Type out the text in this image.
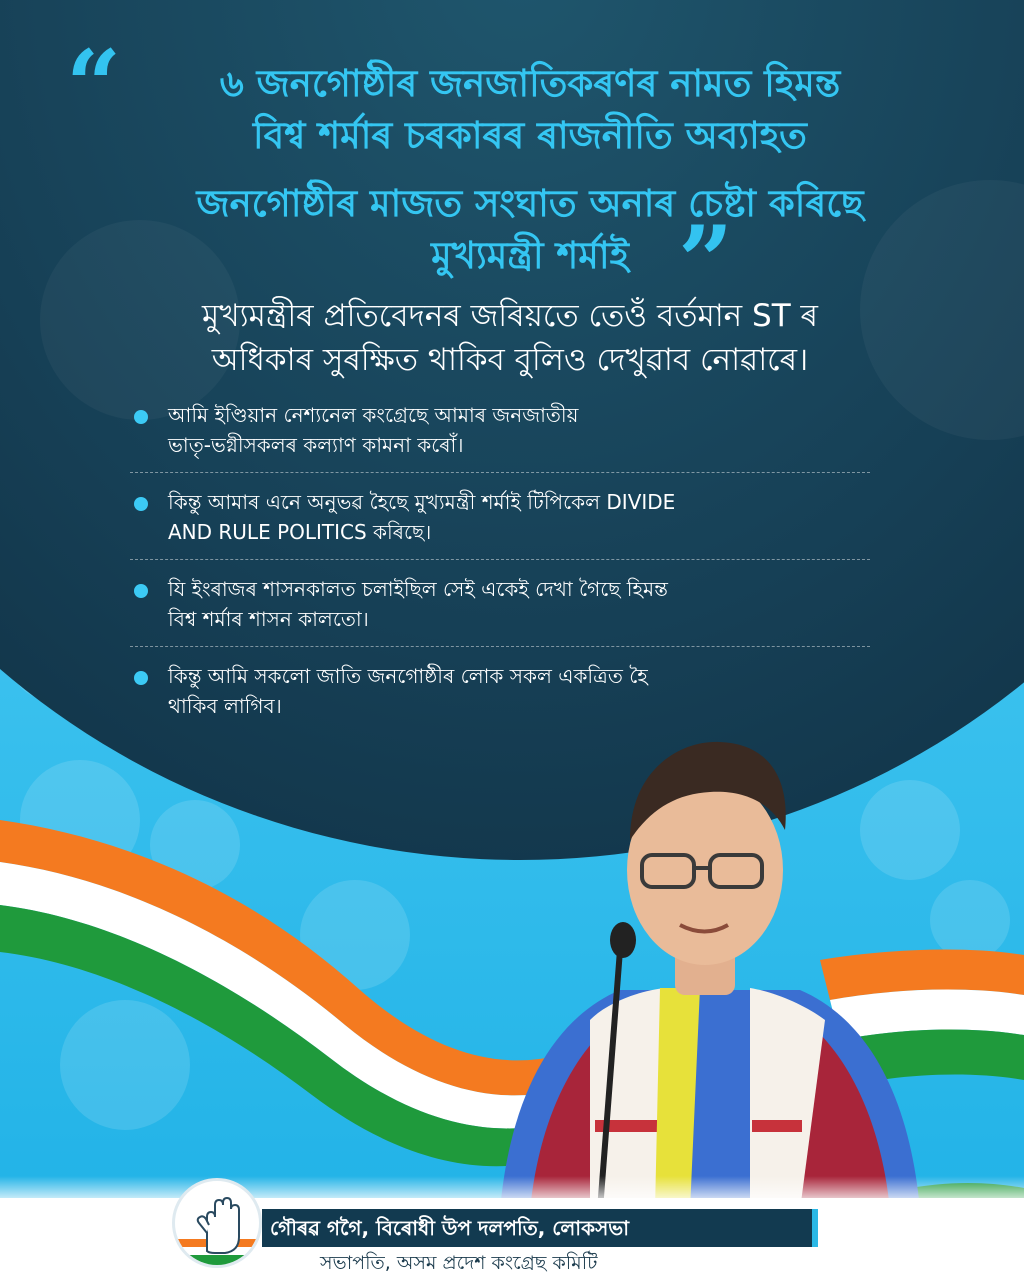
“
”
৬ জনগোষ্ঠীৰ জনজাতিকৰণৰ নামত হিমন্ত
বিশ্ব শৰ্মাৰ চৰকাৰৰ ৰাজনীতি অব্যাহত
জনগোষ্ঠীৰ মাজত সংঘাত অনাৰ চেষ্টা কৰিছে
মুখ্যমন্ত্ৰী শৰ্মাই
মুখ্যমন্ত্ৰীৰ প্ৰতিবেদনৰ জৰিয়তে তেওঁ বৰ্তমান ST ৰ
অধিকাৰ সুৰক্ষিত থাকিব বুলিও দেখুৱাব নোৱাৰে।
আমি ইণ্ডিয়ান নেশ্যনেল কংগ্ৰেছে আমাৰ জনজাতীয়
ভাতৃ-ভগ্নীসকলৰ কল্যাণ কামনা কৰোঁ।
কিন্তু আমাৰ এনে অনুভৱ হৈছে মুখ্যমন্ত্ৰী শৰ্মাই টিপিকেল DIVIDE
AND RULE POLITICS কৰিছে।
যি ইংৰাজৰ শাসনকালত চলাইছিল সেই একেই দেখা গৈছে হিমন্ত
বিশ্ব শৰ্মাৰ শাসন কালতো।
কিন্তু আমি সকলো জাতি জনগোষ্ঠীৰ লোক সকল একত্ৰিত হৈ
থাকিব লাগিব।
গৌৰৱ গগৈ, বিৰোধী উপ দলপতি, লোকসভা
সভাপতি, অসম প্ৰদেশ কংগ্ৰেছ কমিটি
